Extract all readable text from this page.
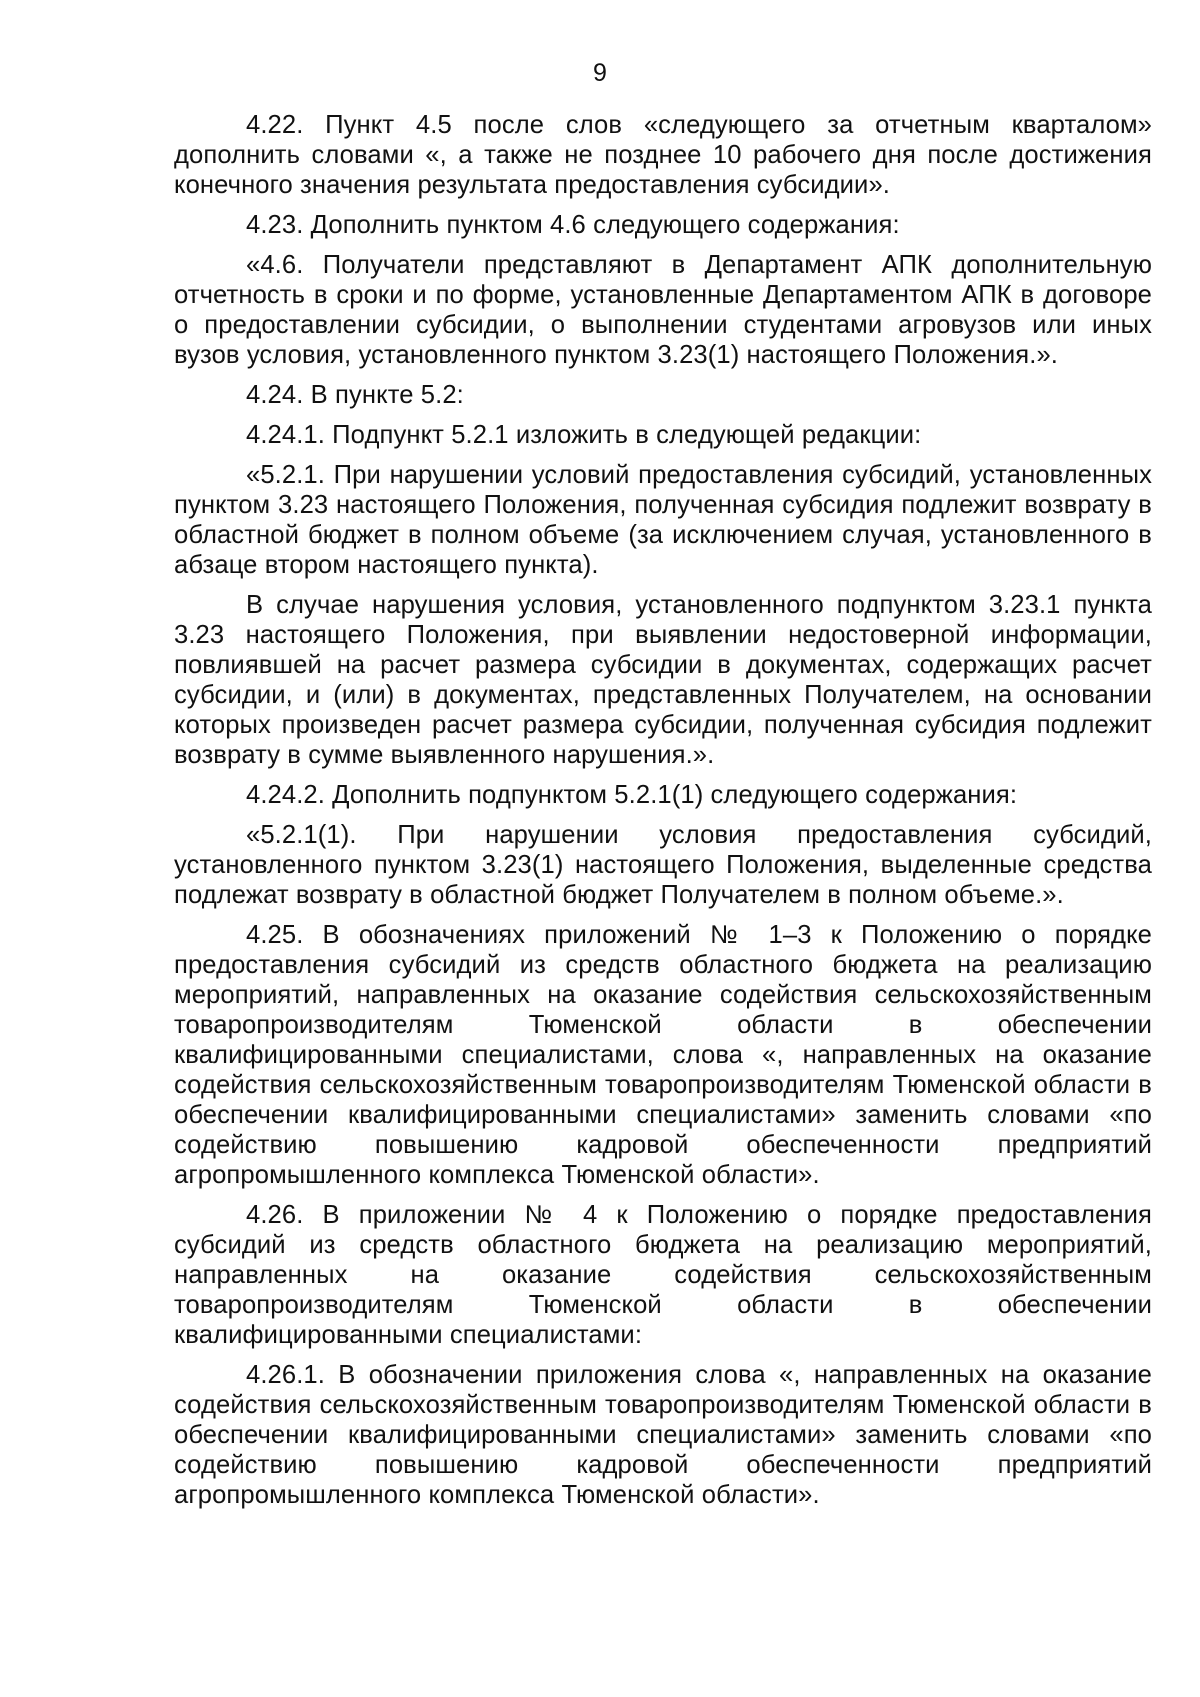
9

4.22. Пункт 4.5 после слов «следующего за отчетным кварталом» дополнить словами «, а также не позднее 10 рабочего дня после достижения конечного значения результата предоставления субсидии».

4.23. Дополнить пунктом 4.6 следующего содержания:

«4.6. Получатели представляют в Департамент АПК дополнительную отчетность в сроки и по форме, установленные Департаментом АПК в договоре о предоставлении субсидии, о выполнении студентами агровузов или иных вузов условия, установленного пунктом 3.23(1) настоящего Положения.».

4.24. В пункте 5.2:

4.24.1. Подпункт 5.2.1 изложить в следующей редакции:

«5.2.1. При нарушении условий предоставления субсидий, установленных пунктом 3.23 настоящего Положения, полученная субсидия подлежит возврату в областной бюджет в полном объеме (за исключением случая, установленного в абзаце втором настоящего пункта).

В случае нарушения условия, установленного подпунктом 3.23.1 пункта 3.23 настоящего Положения, при выявлении недостоверной информации, повлиявшей на расчет размера субсидии в документах, содержащих расчет субсидии, и (или) в документах, представленных Получателем, на основании которых произведен расчет размера субсидии, полученная субсидия подлежит возврату в сумме выявленного нарушения.».

4.24.2. Дополнить подпунктом 5.2.1(1) следующего содержания:

«5.2.1(1). При нарушении условия предоставления субсидий, установленного пунктом 3.23(1) настоящего Положения, выделенные средства подлежат возврату в областной бюджет Получателем в полном объеме.».

4.25. В обозначениях приложений № 1–3 к Положению о порядке предоставления субсидий из средств областного бюджета на реализацию мероприятий, направленных на оказание содействия сельскохозяйственным товаропроизводителям Тюменской области в обеспечении квалифицированными специалистами, слова «, направленных на оказание содействия сельскохозяйственным товаропроизводителям Тюменской области в обеспечении квалифицированными специалистами» заменить словами «по содействию повышению кадровой обеспеченности предприятий агропромышленного комплекса Тюменской области».

4.26. В приложении № 4 к Положению о порядке предоставления субсидий из средств областного бюджета на реализацию мероприятий, направленных на оказание содействия сельскохозяйственным товаропроизводителям Тюменской области в обеспечении квалифицированными специалистами:

4.26.1. В обозначении приложения слова «, направленных на оказание содействия сельскохозяйственным товаропроизводителям Тюменской области в обеспечении квалифицированными специалистами» заменить словами «по содействию повышению кадровой обеспеченности предприятий агропромышленного комплекса Тюменской области».
